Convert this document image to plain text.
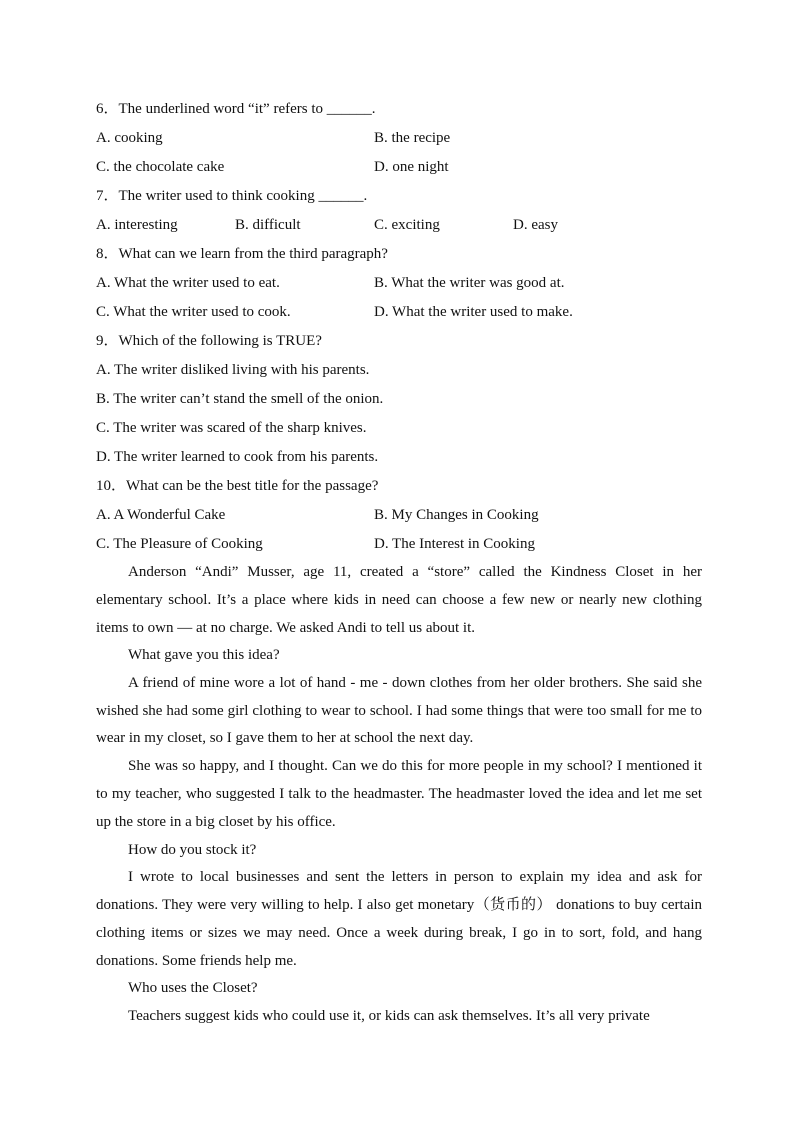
6．The underlined word “it” refers to ______.
A. cooking	B. the recipe
C. the chocolate cake	D. one night
7．The writer used to think cooking ______.
A. interesting	B. difficult	C. exciting	D. easy
8．What can we learn from the third paragraph?
A. What the writer used to eat.	B. What the writer was good at.
C. What the writer used to cook.	D. What the writer used to make.
9．Which of the following is TRUE?
A. The writer disliked living with his parents.
B. The writer can’t stand the smell of the onion.
C. The writer was scared of the sharp knives.
D. The writer learned to cook from his parents.
10．What can be the best title for the passage?
A. A Wonderful Cake	B. My Changes in Cooking
C. The Pleasure of Cooking	D. The Interest in Cooking
Anderson “Andi” Musser, age 11, created a “store” called the Kindness Closet in her elementary school. It’s a place where kids in need can choose a few new or nearly new clothing items to own — at no charge. We asked Andi to tell us about it.
What gave you this idea?
A friend of mine wore a lot of hand - me - down clothes from her older brothers. She said she wished she had some girl clothing to wear to school. I had some things that were too small for me to wear in my closet, so I gave them to her at school the next day.
She was so happy, and I thought. Can we do this for more people in my school? I mentioned it to my teacher, who suggested I talk to the headmaster. The headmaster loved the idea and let me set up the store in a big closet by his office.
How do you stock it?
I wrote to local businesses and sent the letters in person to explain my idea and ask for donations. They were very willing to help. I also get monetary（货币的） donations to buy certain clothing items or sizes we may need. Once a week during break, I go in to sort, fold, and hang donations. Some friends help me.
Who uses the Closet?
Teachers suggest kids who could use it, or kids can ask themselves. It’s all very private
